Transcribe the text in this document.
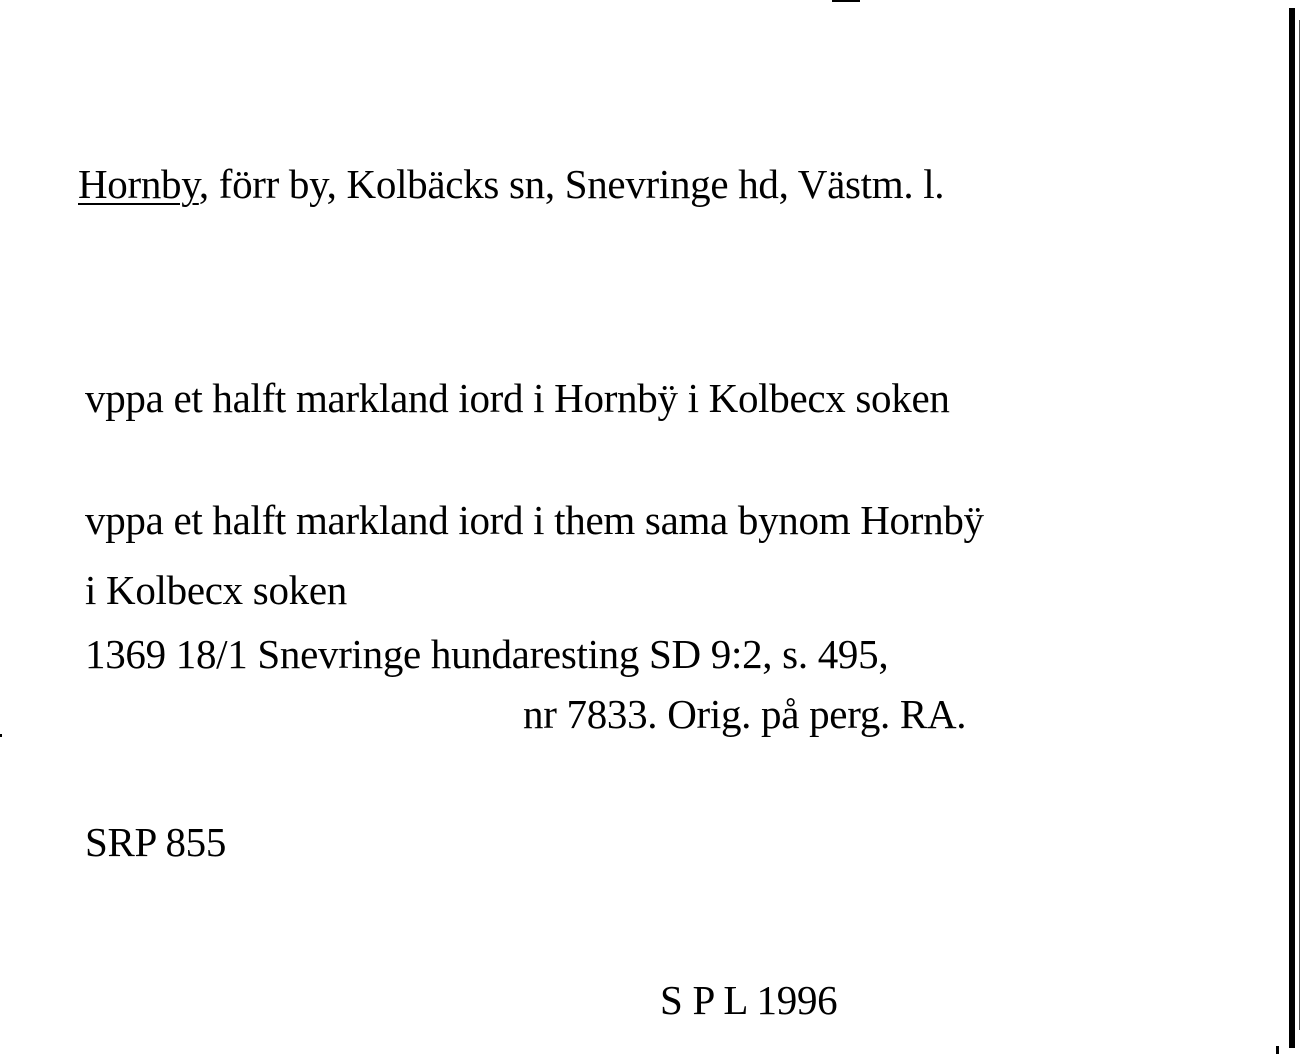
Hornby, förr by, Kolbäcks sn, Snevringe hd, Västm. l.
vppa et halft markland iord i Hornbÿ i Kolbecx soken
vppa et halft markland iord i them sama bynom Hornbÿ
i Kolbecx soken
1369 18/1 Snevringe hundaresting SD 9:2, s. 495,
nr 7833. Orig. på perg. RA.
SRP 855
S P L 1996
